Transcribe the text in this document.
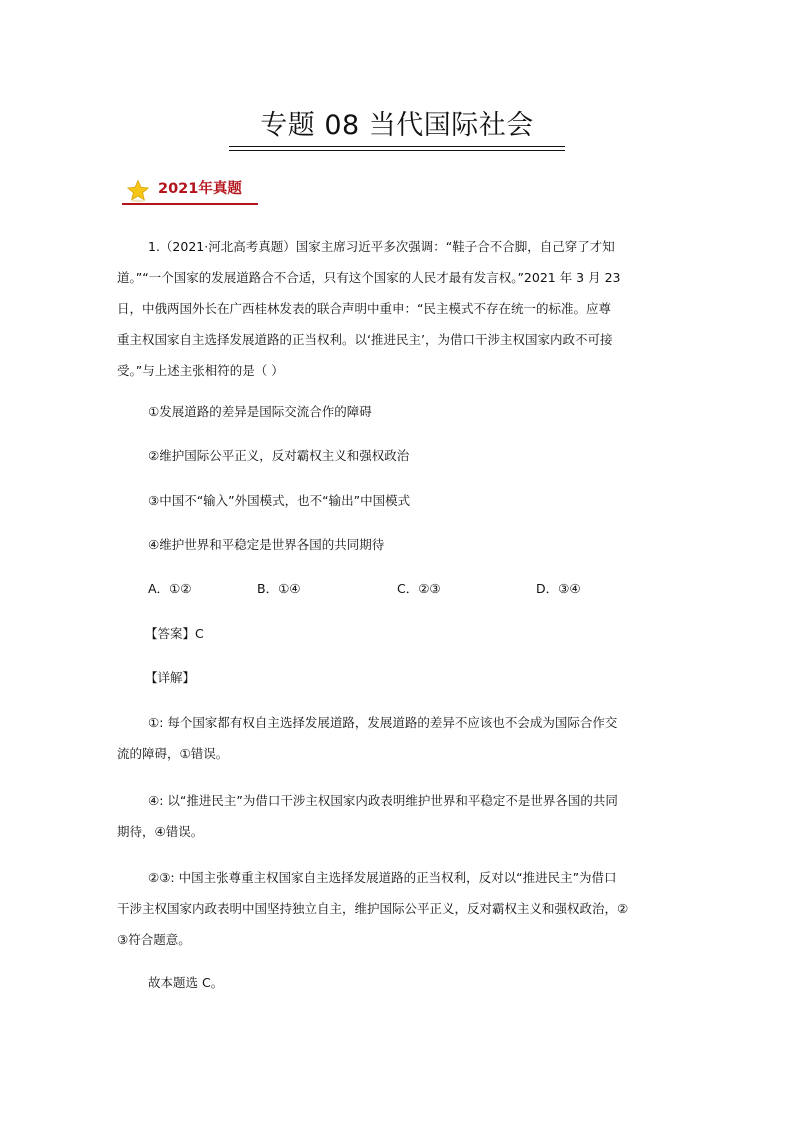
专题 08 当代国际社会
2021年真题
1.（2021·河北高考真题）国家主席习近平多次强调：“鞋子合不合脚，自己穿了才知
道。”“一个国家的发展道路合不合适，只有这个国家的人民才最有发言权。”2021 年 3 月 23
日，中俄两国外长在广西桂林发表的联合声明中重申：“民主模式不存在统一的标准。应尊
重主权国家自主选择发展道路的正当权利。以‘推进民主’，为借口干涉主权国家内政不可接
受。”与上述主张相符的是（ ）
①发展道路的差异是国际交流合作的障碍
②维护国际公平正义，反对霸权主义和强权政治
③中国不“输入”外国模式，也不“输出”中国模式
④维护世界和平稳定是世界各国的共同期待
A．①②	B．①④	C．②③	D．③④
【答案】C
【详解】
①: 每个国家都有权自主选择发展道路，发展道路的差异不应该也不会成为国际合作交
流的障碍，①错误。
④: 以“推进民主”为借口干涉主权国家内政表明维护世界和平稳定不是世界各国的共同
期待，④错误。
②③: 中国主张尊重主权国家自主选择发展道路的正当权利，反对以“推进民主”为借口
干涉主权国家内政表明中国坚持独立自主，维护国际公平正义，反对霸权主义和强权政治，②
③符合题意。
故本题选 C。
